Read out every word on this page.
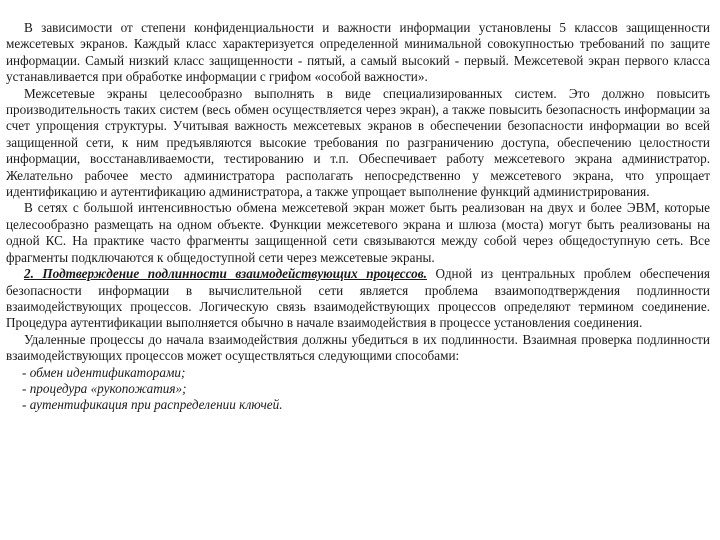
В зависимости от степени конфиденциальности и важности информации установлены 5 классов защищенности межсетевых экранов. Каждый класс характеризуется определенной минимальной совокупностью требований по защите информации. Самый низкий класс защищенности - пятый, а самый высокий - первый. Межсетевой экран первого класса устанавливается при обработке информации с грифом «особой важности».

Межсетевые экраны целесообразно выполнять в виде специализированных систем. Это должно повысить производительность таких систем (весь обмен осуществляется через экран), а также повысить безопасность информации за счет упрощения структуры. Учитывая важность межсетевых экранов в обеспечении безопасности информации во всей защищенной сети, к ним предъявляются высокие требования по разграничению доступа, обеспечению целостности информации, восстанавливаемости, тестированию и т.п. Обеспечивает работу межсетевого экрана администратор. Желательно рабочее место администратора располагать непосредственно у межсетевого экрана, что упрощает идентификацию и аутентификацию администратора, а также упрощает выполнение функций администрирования.

В сетях с большой интенсивностью обмена межсетевой экран может быть реализован на двух и более ЭВМ, которые целесообразно размещать на одном объекте. Функции межсетевого экрана и шлюза (моста) могут быть реализованы на одной КС. На практике часто фрагменты защищенной сети связываются между собой через общедоступную сеть. Все фрагменты подключаются к общедоступной сети через межсетевые экраны.

2. Подтверждение подлинности взаимодействующих процессов. Одной из центральных проблем обеспечения безопасности информации в вычислительной сети является проблема взаимоподтверждения подлинности взаимодействующих процессов. Логическую связь взаимодействующих процессов определяют термином соединение. Процедура аутентификации выполняется обычно в начале взаимодействия в процессе установления соединения.

Удаленные процессы до начала взаимодействия должны убедиться в их подлинности. Взаимная проверка подлинности взаимодействующих процессов может осуществляться следующими способами:

- обмен идентификаторами;
- процедура «рукопожатия»;
- аутентификация при распределении ключей.
